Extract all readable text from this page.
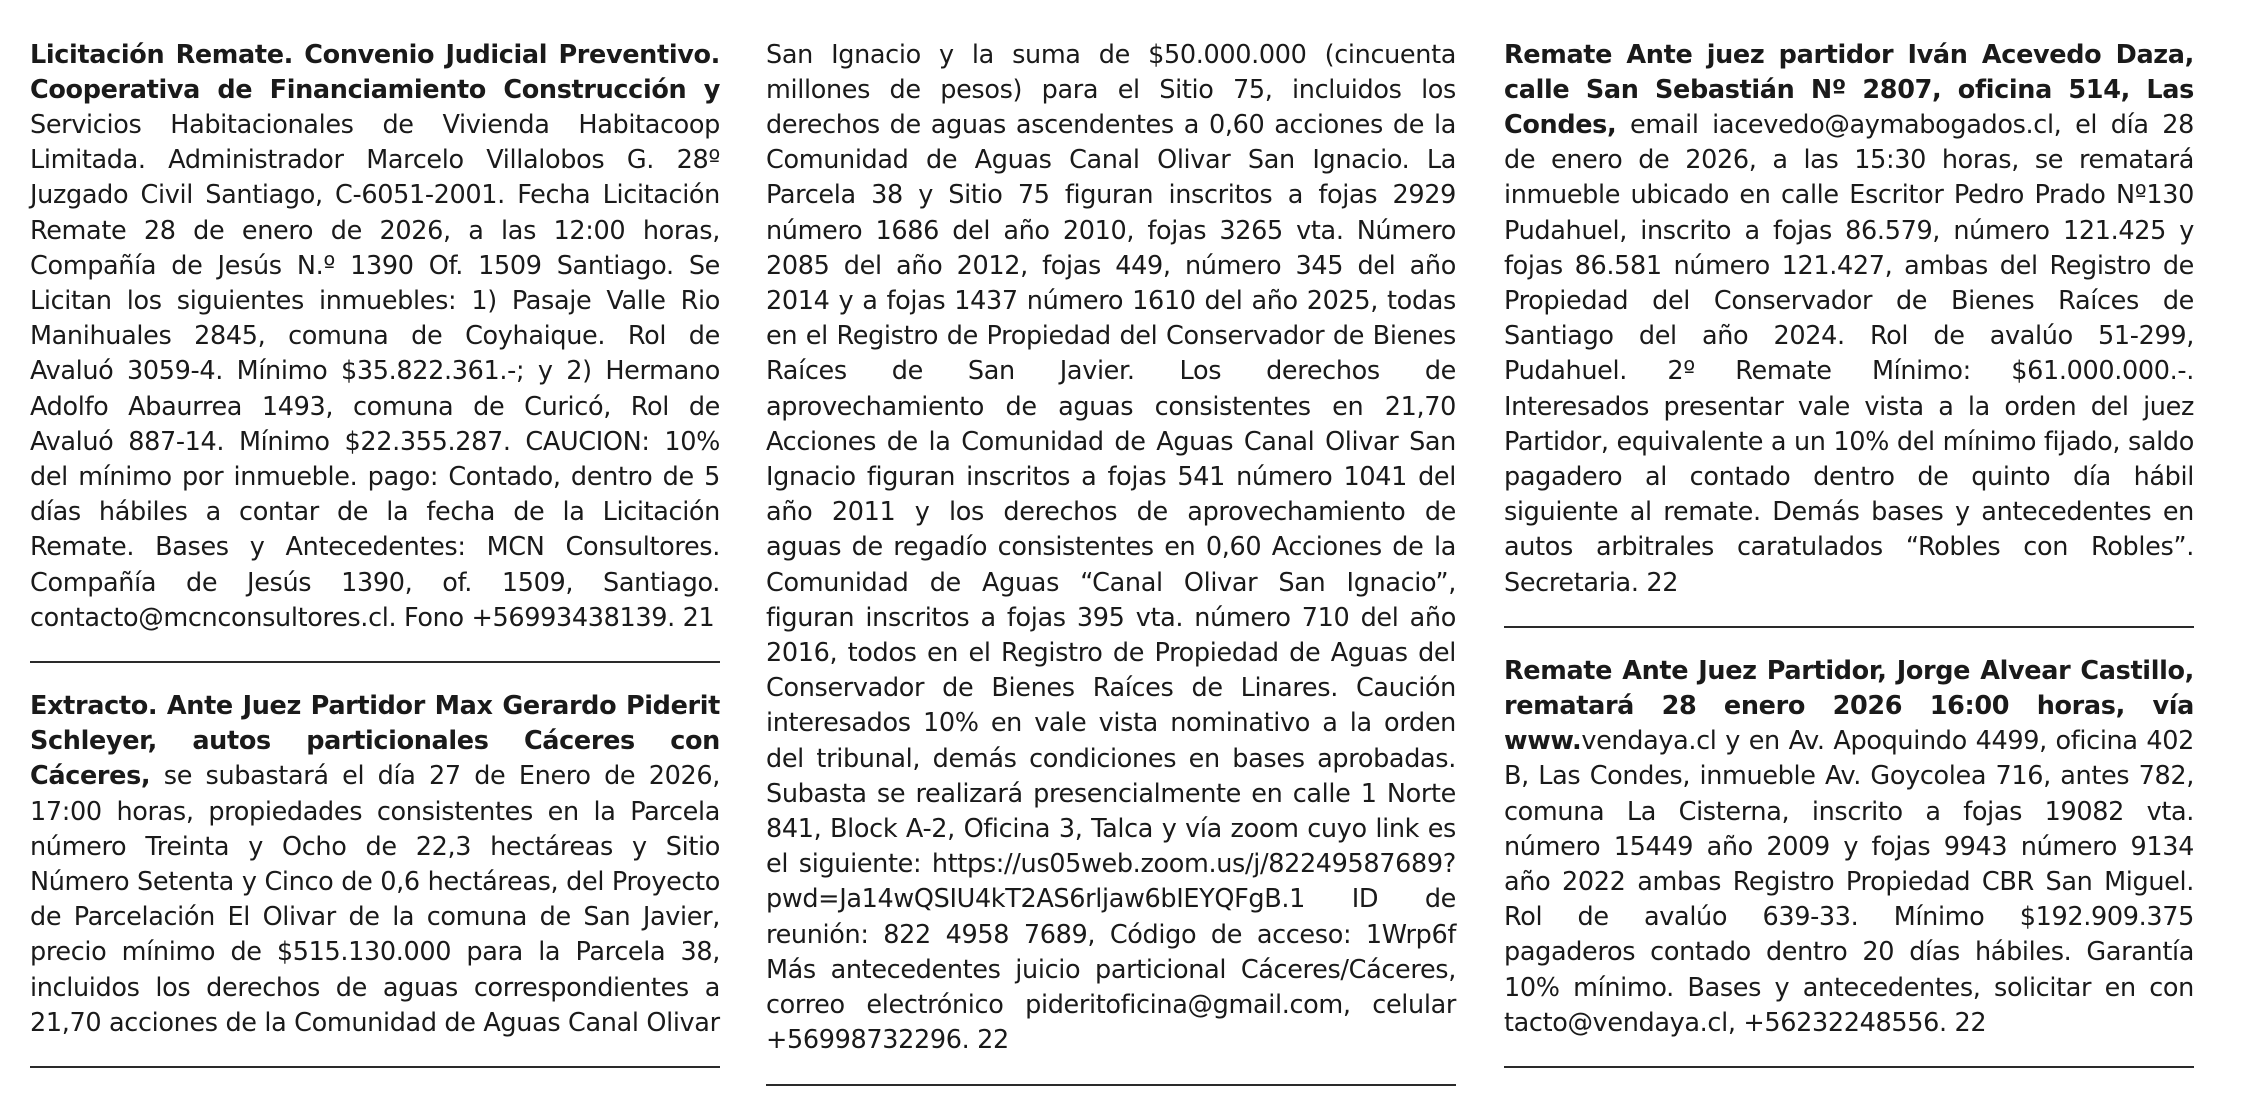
Licitación Remate. Convenio Judicial Preventivo. Cooperativa de Financiamiento Construcción y Servicios Habitacionales de Vivienda Habitacoop Limitada. Administrador Marcelo Villalobos G. 28º Juzgado Civil Santiago, C-6051-2001. Fecha Licitación Remate 28 de enero de 2026, a las 12:00 horas, Compañía de Jesús N.º 1390 Of. 1509 Santiago. Se Licitan los siguientes inmuebles: 1) Pasaje Valle Rio Manihuales 2845, comuna de Coyhaique. Rol de Avaluó 3059-4. Mínimo $35.822.361.-; y 2) Hermano Adolfo Abaurrea 1493, comuna de Curicó, Rol de Avaluó 887-14. Mínimo $22.355.287. CAUCION: 10% del mínimo por inmueble. pago: Contado, dentro de 5 días hábiles a contar de la fecha de la Licitación Remate. Bases y Antecedentes: MCN Consultores. Compañía de Jesús 1390, of. 1509, Santiago. contacto@mcnconsultores.cl. Fono +56993438139. 21

Extracto. Ante Juez Partidor Max Gerardo Piderit Schleyer, autos particionales Cáceres con Cáceres, se subastará el día 27 de Enero de 2026, 17:00 horas, propiedades consistentes en la Parcela número Treinta y Ocho de 22,3 hectáreas y Sitio Número Setenta y Cinco de 0,6 hectáreas, del Proyecto de Parcelación El Olivar de la comuna de San Javier, precio mínimo de $515.130.000 para la Parcela 38, incluidos los derechos de aguas correspondientes a 21,70 acciones de la Comunidad de Aguas Canal Olivar

San Ignacio y la suma de $50.000.000 (cincuenta millones de pesos) para el Sitio 75, incluidos los derechos de aguas ascendentes a 0,60 acciones de la Comunidad de Aguas Canal Olivar San Ignacio. La Parcela 38 y Sitio 75 figuran inscritos a fojas 2929 número 1686 del año 2010, fojas 3265 vta. Número 2085 del año 2012, fojas 449, número 345 del año 2014 y a fojas 1437 número 1610 del año 2025, todas en el Registro de Propiedad del Conservador de Bienes Raíces de San Javier. Los derechos de aprovechamiento de aguas consistentes en 21,70 Acciones de la Comunidad de Aguas Canal Olivar San Ignacio figuran inscritos a fojas 541 número 1041 del año 2011 y los derechos de aprovechamiento de aguas de regadío consistentes en 0,60 Acciones de la Comunidad de Aguas “Canal Olivar San Ignacio”, figuran inscritos a fojas 395 vta. número 710 del año 2016, todos en el Registro de Propiedad de Aguas del Conservador de Bienes Raíces de Linares. Caución interesados 10% en vale vista nominativo a la orden del tribunal, demás condiciones en bases aprobadas. Subasta se realizará presencialmente en calle 1 Norte 841, Block A-2, Oficina 3, Talca y vía zoom cuyo link es el siguiente: https://us05web.zoom.us/j/82249587689?pwd=Ja14wQSIU4kT2AS6rljaw6bIEYQFgB.1 ID de reunión: 822 4958 7689, Código de acceso: 1Wrp6f Más antecedentes juicio particional Cáceres/Cáceres, correo electrónico pideritoficina@gmail.com, celular +56998732296. 22

Remate Ante juez partidor Iván Acevedo Daza, calle San Sebastián Nº 2807, oficina 514, Las Condes, email iacevedo@aymabogados.cl, el día 28 de enero de 2026, a las 15:30 horas, se rematará inmueble ubicado en calle Escritor Pedro Prado Nº130 Pudahuel, inscrito a fojas 86.579, número 121.425 y fojas 86.581 número 121.427, ambas del Registro de Propiedad del Conservador de Bienes Raíces de Santiago del año 2024. Rol de avalúo 51-299, Pudahuel. 2º Remate Mínimo: $61.000.000.-. Interesados presentar vale vista a la orden del juez Partidor, equivalente a un 10% del mínimo fijado, saldo pagadero al contado dentro de quinto día hábil siguiente al remate. Demás bases y antecedentes en autos arbitrales caratulados “Robles con Robles”. Secretaria. 22

Remate Ante Juez Partidor, Jorge Alvear Castillo, rematará 28 enero 2026 16:00 horas, vía www.vendaya.cl y en Av. Apoquindo 4499, oficina 402 B, Las Condes, inmueble Av. Goycolea 716, antes 782, comuna La Cisterna, inscrito a fojas 19082 vta. número 15449 año 2009 y fojas 9943 número 9134 año 2022 ambas Registro Propiedad CBR San Miguel. Rol de avalúo 639-33. Mínimo $192.909.375 pagaderos contado dentro 20 días hábiles. Garantía 10% mínimo. Bases y antecedentes, solicitar en con tacto@vendaya.cl, +56232248556. 22
